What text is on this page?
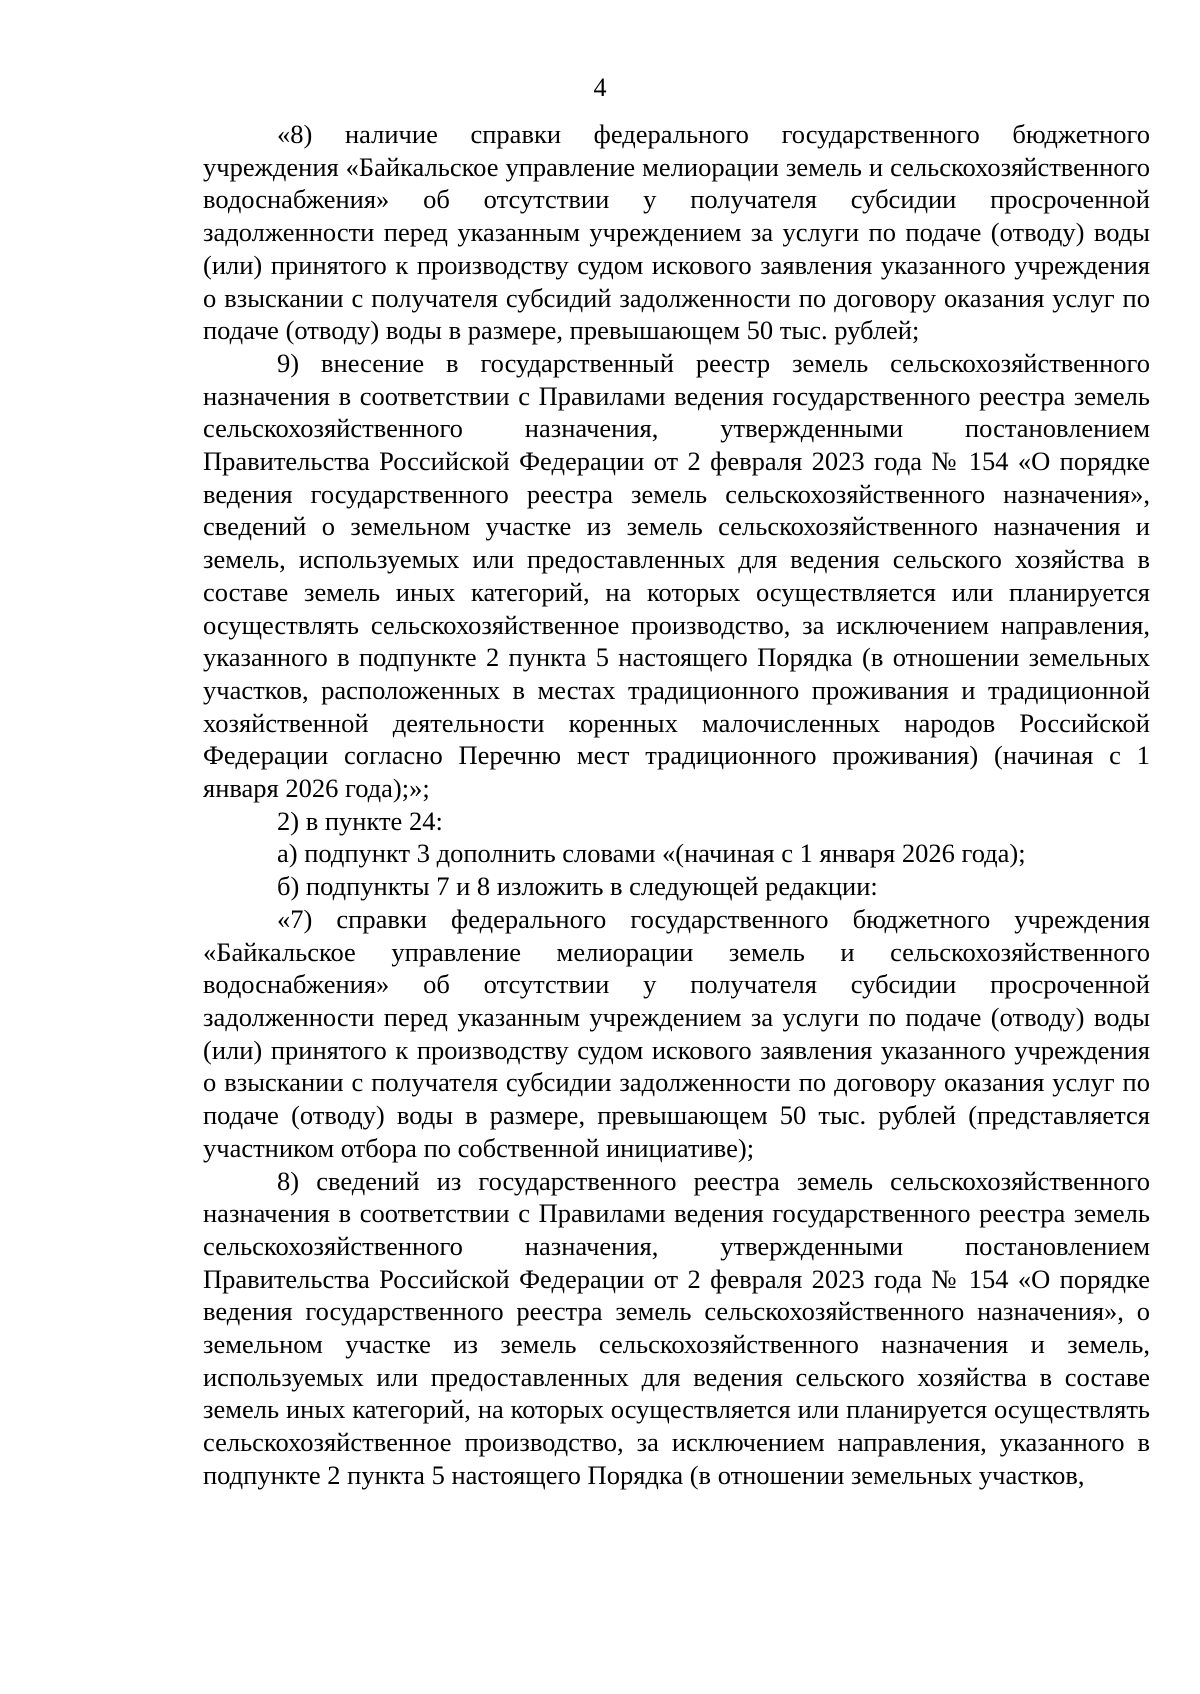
4

«8) наличие справки федерального государственного бюджетного учреждения «Байкальское управление мелиорации земель и сельскохозяйственного водоснабжения» об отсутствии у получателя субсидии просроченной задолженности перед указанным учреждением за услуги по подаче (отводу) воды (или) принятого к производству судом искового заявления указанного учреждения о взыскании с получателя субсидий задолженности по договору оказания услуг по подаче (отводу) воды в размере, превышающем 50 тыс. рублей;

9) внесение в государственный реестр земель сельскохозяйственного назначения в соответствии с Правилами ведения государственного реестра земель сельскохозяйственного назначения, утвержденными постановлением Правительства Российской Федерации от 2 февраля 2023 года № 154 «О порядке ведения государственного реестра земель сельскохозяйственного назначения», сведений о земельном участке из земель сельскохозяйственного назначения и земель, используемых или предоставленных для ведения сельского хозяйства в составе земель иных категорий, на которых осуществляется или планируется осуществлять сельскохозяйственное производство, за исключением направления, указанного в подпункте 2 пункта 5 настоящего Порядка (в отношении земельных участков, расположенных в местах традиционного проживания и традиционной хозяйственной деятельности коренных малочисленных народов Российской Федерации согласно Перечню мест традиционного проживания) (начиная с 1 января 2026 года);»;

2) в пункте 24:

а) подпункт 3 дополнить словами «(начиная с 1 января 2026 года);

б) подпункты 7 и 8 изложить в следующей редакции:

«7) справки федерального государственного бюджетного учреждения «Байкальское управление мелиорации земель и сельскохозяйственного водоснабжения» об отсутствии у получателя субсидии просроченной задолженности перед указанным учреждением за услуги по подаче (отводу) воды (или) принятого к производству судом искового заявления указанного учреждения о взыскании с получателя субсидии задолженности по договору оказания услуг по подаче (отводу) воды в размере, превышающем 50 тыс. рублей (представляется участником отбора по собственной инициативе);

8) сведений из государственного реестра земель сельскохозяйственного назначения в соответствии с Правилами ведения государственного реестра земель сельскохозяйственного назначения, утвержденными постановлением Правительства Российской Федерации от 2 февраля 2023 года № 154 «О порядке ведения государственного реестра земель сельскохозяйственного назначения», о земельном участке из земель сельскохозяйственного назначения и земель, используемых или предоставленных для ведения сельского хозяйства в составе земель иных категорий, на которых осуществляется или планируется осуществлять сельскохозяйственное производство, за исключением направления, указанного в подпункте 2 пункта 5 настоящего Порядка (в отношении земельных участков,
